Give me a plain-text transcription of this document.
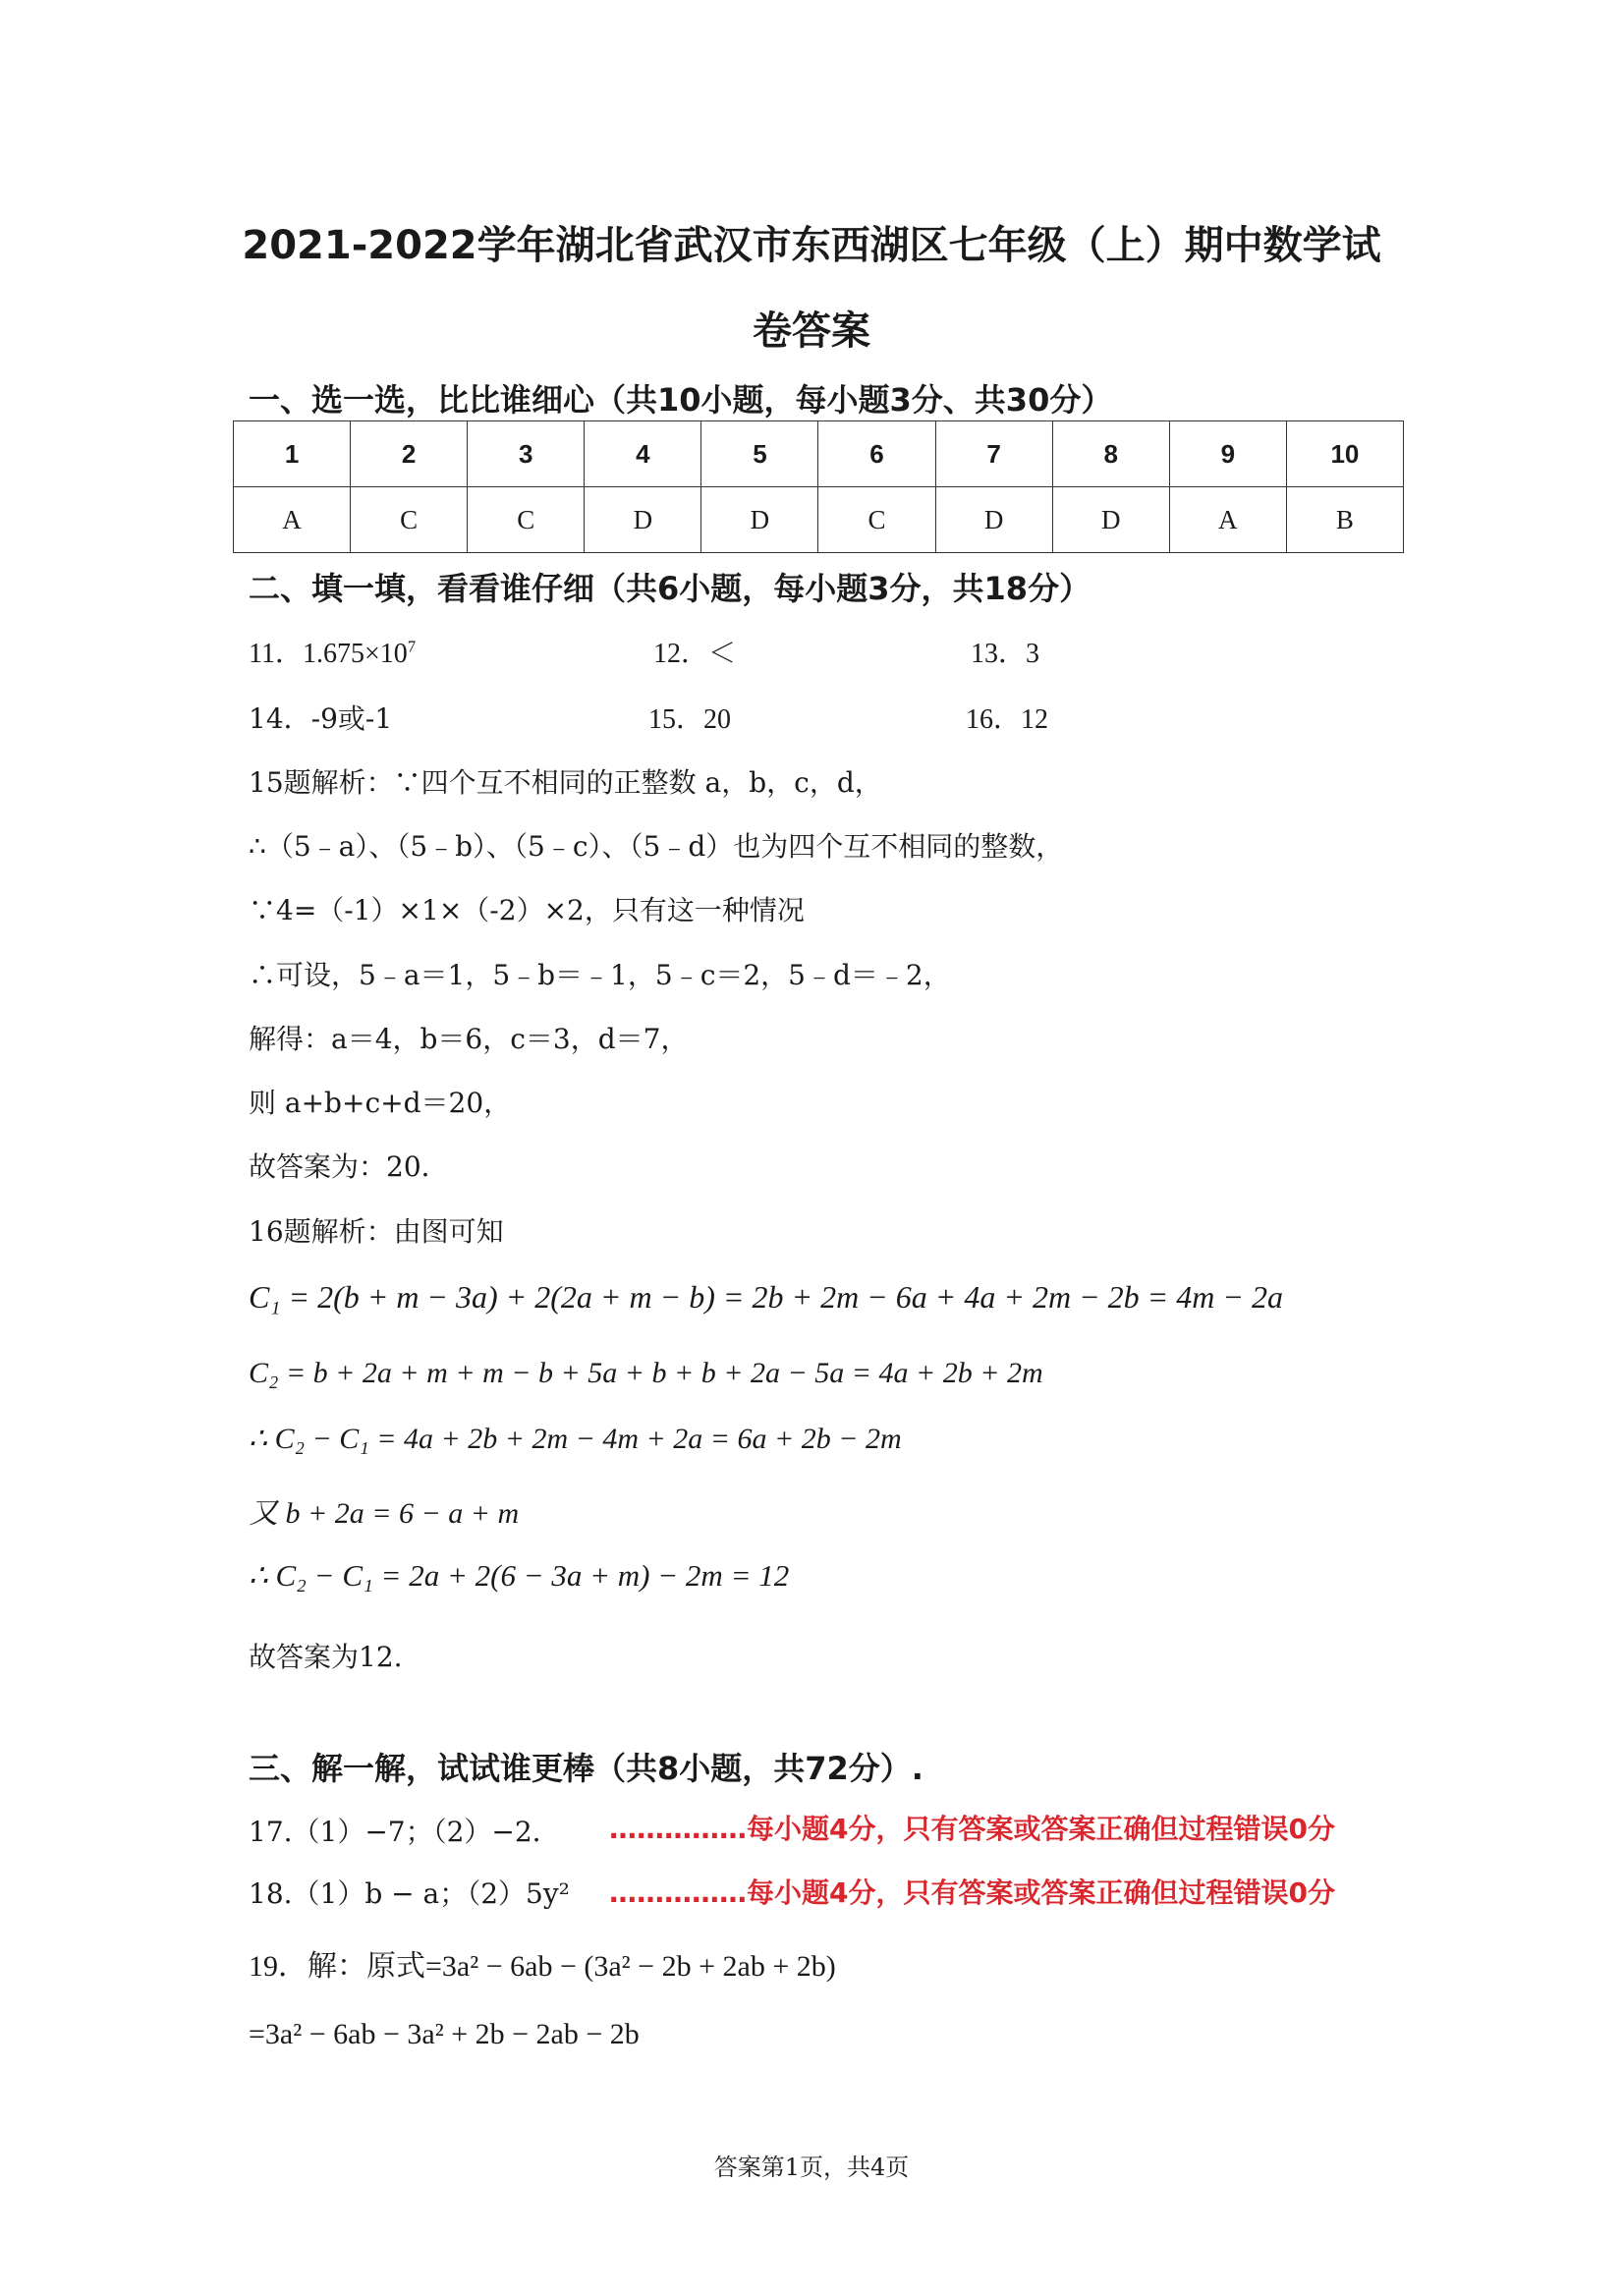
2021-2022学年湖北省武汉市东西湖区七年级（上）期中数学试
卷答案
一、选一选，比比谁细心（共10小题，每小题3分、共30分）
1	2	3	4	5	6	7	8	9	10
A	C	C	D	D	C	D	D	A	B
二、填一填，看看谁仔细（共6小题，每小题3分，共18分）
11．$1.675\times 10^7$	12．＜	13．3
14．-9或-1	15．20	16．12
15题解析：∵四个互不相同的正整数 a，b，c，d，
∴（5﹣a）、（5﹣b）、（5﹣c）、（5﹣d）也为四个互不相同的整数，
∵4=（-1）×1×（-2）×2，只有这一种情况
∴可设，5﹣a＝1，5﹣b＝﹣1，5﹣c＝2，5﹣d＝﹣2，
解得：a＝4，b＝6，c＝3，d＝7，
则 a+b+c+d＝20，
故答案为：20．
16题解析：由图可知
C₁ = 2(b + m − 3a) + 2(2a + m − b) = 2b + 2m − 6a + 4a + 2m − 2b = 4m − 2a
C₂ = b + 2a + m + m − b + 5a + b + b + 2a − 5a = 4a + 2b + 2m
∴ C₂ − C₁ = 4a + 2b + 2m − 4m + 2a = 6a + 2b − 2m
又 b + 2a = 6 − a + m
∴ C₂ − C₁ = 2a + 2(6 − 3a + m) − 2m = 12
故答案为12.
三、解一解，试试谁更棒（共8小题，共72分）.
17.（1）−7；（2）−2． ……………每小题4分，只有答案或答案正确但过程错误0分
18.（1）b − a；（2）5y² ……………每小题4分，只有答案或答案正确但过程错误0分
19．解：原式=3a² − 6ab − (3a² − 2b + 2ab + 2b)
=3a² − 6ab − 3a² + 2b − 2ab − 2b
答案第1页，共4页
